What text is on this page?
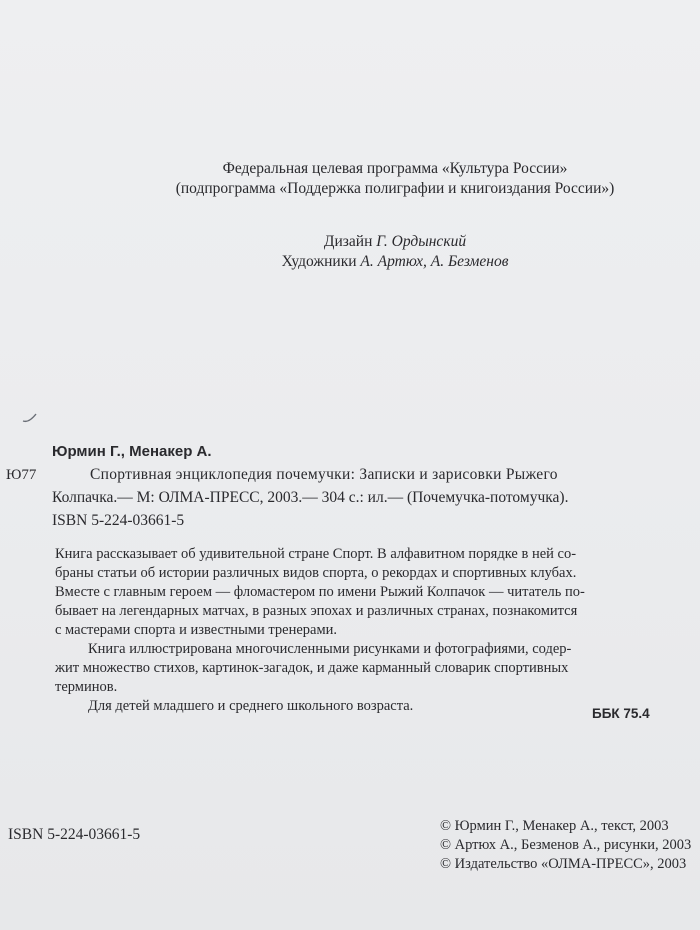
Федеральная целевая программа «Культура России»
(подпрограмма «Поддержка полиграфии и книгоиздания России»)
Дизайн Г. Ордынский
Художники А. Артюх, А. Безменов
Юрмин Г., Менакер А.
Ю77	Спортивная энциклопедия почемучки: Записки и зарисовки Рыжего
Колпачка.— М: ОЛМА-ПРЕСС, 2003.— 304 с.: ил.— (Почемучка-потомучка).
ISBN 5-224-03661-5
Книга рассказывает об удивительной стране Спорт. В алфавитном порядке в ней со-
браны статьи об истории различных видов спорта, о рекордах и спортивных клубах.
Вместе с главным героем — фломастером по имени Рыжий Колпачок — читатель по-
бывает на легендарных матчах, в разных эпохах и различных странах, познакомится
с мастерами спорта и известными тренерами.
Книга иллюстрирована многочисленными рисунками и фотографиями, содер-
жит множество стихов, картинок-загадок, и даже карманный словарик спортивных
терминов.
Для детей младшего и среднего школьного возраста.	ББК 75.4
ISBN 5-224-03661-5	© Юрмин Г., Менакер А., текст, 2003
© Артюх А., Безменов А., рисунки, 2003
© Издательство «ОЛМА-ПРЕСС», 2003
